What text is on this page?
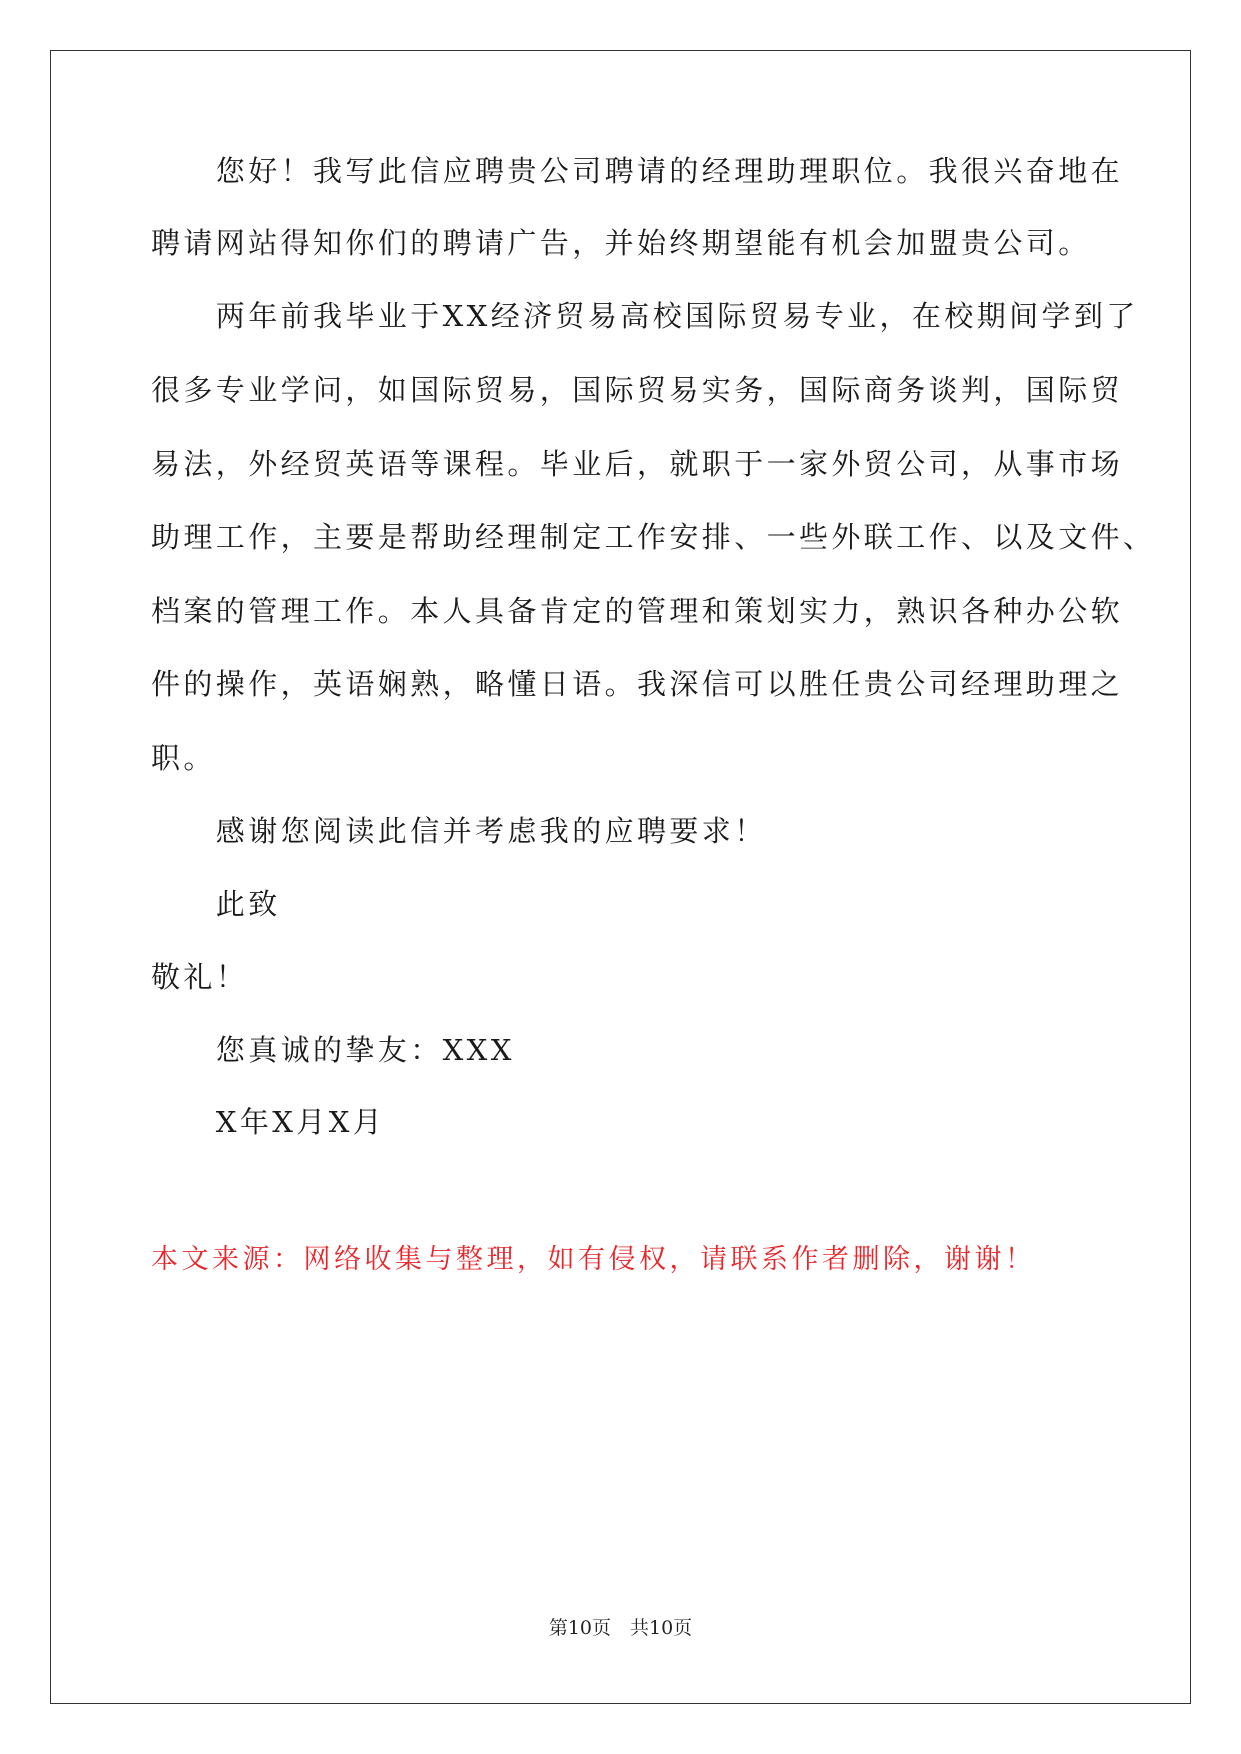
　　您好！我写此信应聘贵公司聘请的经理助理职位。我很兴奋地在
聘请网站得知你们的聘请广告，并始终期望能有机会加盟贵公司。
　　两年前我毕业于XX经济贸易高校国际贸易专业，在校期间学到了
很多专业学问，如国际贸易，国际贸易实务，国际商务谈判，国际贸
易法，外经贸英语等课程。毕业后，就职于一家外贸公司，从事市场
助理工作，主要是帮助经理制定工作安排、一些外联工作、以及文件、
档案的管理工作。本人具备肯定的管理和策划实力，熟识各种办公软
件的操作，英语娴熟，略懂日语。我深信可以胜任贵公司经理助理之
职。
　　感谢您阅读此信并考虑我的应聘要求！
　　此致
敬礼！
　　您真诚的挚友：XXX
　　X年X月X月
本文来源：网络收集与整理，如有侵权，请联系作者删除，谢谢！
第10页　共10页
